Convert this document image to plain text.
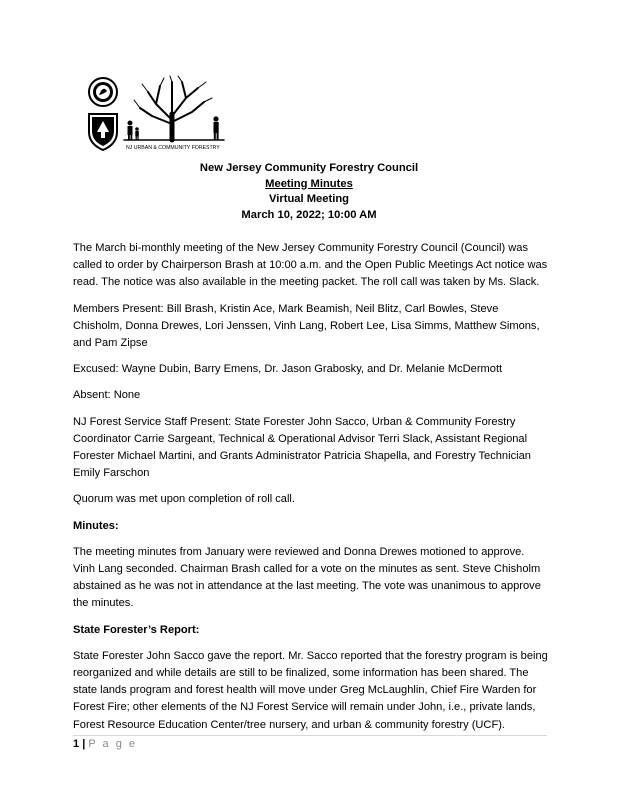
NJ URBAN & COMMUNITY FORESTRY
New Jersey Community Forestry Council
Meeting Minutes
Virtual Meeting
March 10, 2022; 10:00 AM

The March bi-monthly meeting of the New Jersey Community Forestry Council (Council) was called to order by Chairperson Brash at 10:00 a.m. and the Open Public Meetings Act notice was read. The notice was also available in the meeting packet. The roll call was taken by Ms. Slack.

Members Present: Bill Brash, Kristin Ace, Mark Beamish, Neil Blitz, Carl Bowles, Steve Chisholm, Donna Drewes, Lori Jenssen, Vinh Lang, Robert Lee, Lisa Simms, Matthew Simons, and Pam Zipse

Excused: Wayne Dubin, Barry Emens, Dr. Jason Grabosky, and Dr. Melanie McDermott

Absent: None

NJ Forest Service Staff Present: State Forester John Sacco, Urban & Community Forestry Coordinator Carrie Sargeant, Technical & Operational Advisor Terri Slack, Assistant Regional Forester Michael Martini, and Grants Administrator Patricia Shapella, and Forestry Technician Emily Farschon

Quorum was met upon completion of roll call.

Minutes:

The meeting minutes from January were reviewed and Donna Drewes motioned to approve. Vinh Lang seconded. Chairman Brash called for a vote on the minutes as sent. Steve Chisholm abstained as he was not in attendance at the last meeting. The vote was unanimous to approve the minutes.

State Forester’s Report:

State Forester John Sacco gave the report. Mr. Sacco reported that the forestry program is being reorganized and while details are still to be finalized, some information has been shared. The state lands program and forest health will move under Greg McLaughlin, Chief Fire Warden for Forest Fire; other elements of the NJ Forest Service will remain under John, i.e., private lands, Forest Resource Education Center/tree nursery, and urban & community forestry (UCF).

1 | P a g e
